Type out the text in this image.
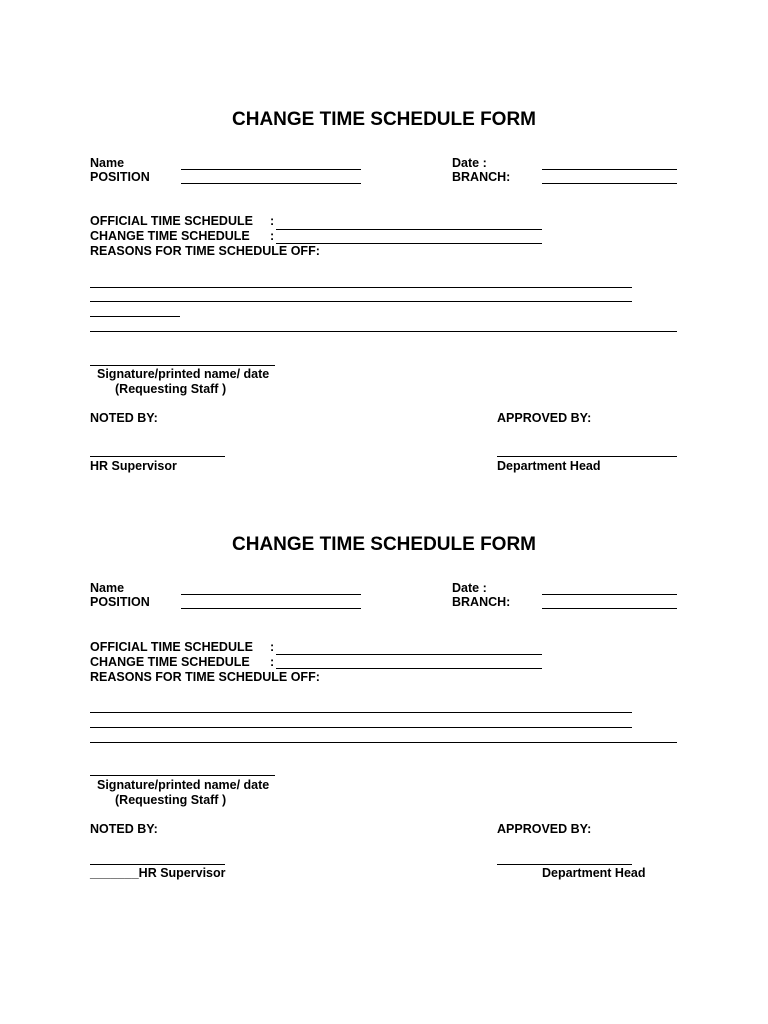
CHANGE TIME SCHEDULE FORM
Name
POSITION
Date :
BRANCH:
OFFICIAL TIME SCHEDULE :
CHANGE TIME SCHEDULE :
REASONS FOR TIME SCHEDULE OFF:
Signature/printed name/ date
(Requesting Staff )
NOTED BY:	APPROVED BY:
HR Supervisor	Department Head
CHANGE TIME SCHEDULE FORM
Name
POSITION
Date :
BRANCH:
OFFICIAL TIME SCHEDULE :
CHANGE TIME SCHEDULE :
REASONS FOR TIME SCHEDULE OFF:
Signature/printed name/ date
(Requesting Staff )
NOTED BY:	APPROVED BY:
_______HR Supervisor	Department Head
